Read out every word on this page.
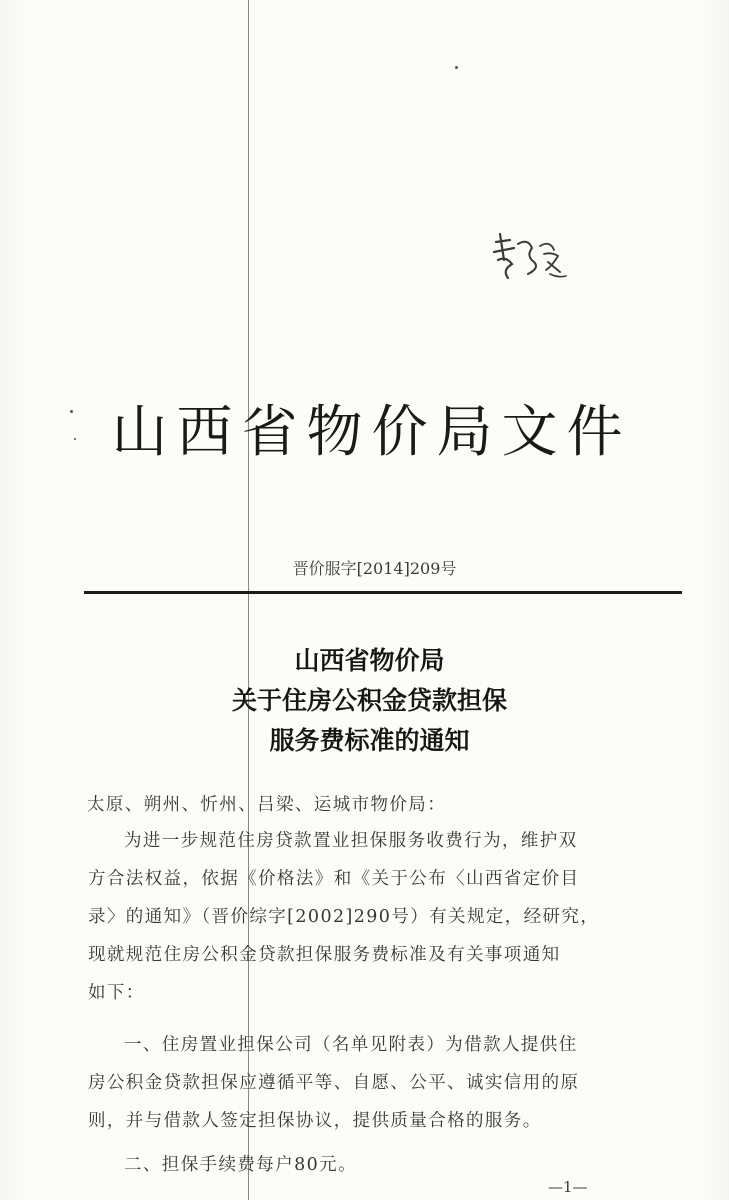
山西省物价局文件
晋价服字[2014]209号
山西省物价局
关于住房公积金贷款担保
服务费标准的通知
太原、朔州、忻州、吕梁、运城市物价局：
为进一步规范住房贷款置业担保服务收费行为，维护双
方合法权益，依据《价格法》和《关于公布〈山西省定价目
录〉的通知》（晋价综字[2002]290号）有关规定，经研究，
现就规范住房公积金贷款担保服务费标准及有关事项通知
如下：
一、住房置业担保公司（名单见附表）为借款人提供住
房公积金贷款担保应遵循平等、自愿、公平、诚实信用的原
则，并与借款人签定担保协议，提供质量合格的服务。
二、担保手续费每户80元。
—1—
